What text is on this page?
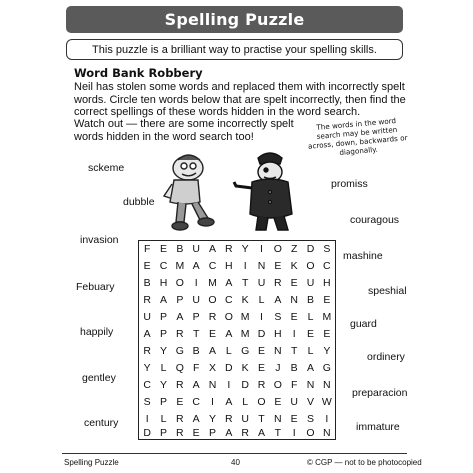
Spelling Puzzle
This puzzle is a brilliant way to practise your spelling skills.
Word Bank Robbery
Neil has stolen some words and replaced them with incorrectly spelt words. Circle ten words below that are spelt incorrectly, then find the correct spellings of these words hidden in the word search.
Watch out — there are some incorrectly spelt words hidden in the word search too!
The words in the word search may be written across, down, backwards or diagonally.
sckeme
dubble
invasion
Febuary
happily
gentley
century
promiss
couragous
mashine
speshial
guard
ordinery
preparacion
immature
F E B U A R Y	I	O Z D S
E C M A C H	I	N E K O C
B H O	I M A T U R E U H
R A P U O C K L A N B E
U P A P R O M	I	S E L M
A P R T E A M D H	I	E E
R Y G B A L G E N T L Y
Y L Q F X D K E J B A G
C Y R A N	I	D R O F N N
S P E C	I	A L O E U V W
I	L R A Y R U T N E S	I
D P R E P A R A T	I	O N
Spelling Puzzle	40	© CGP — not to be photocopied
